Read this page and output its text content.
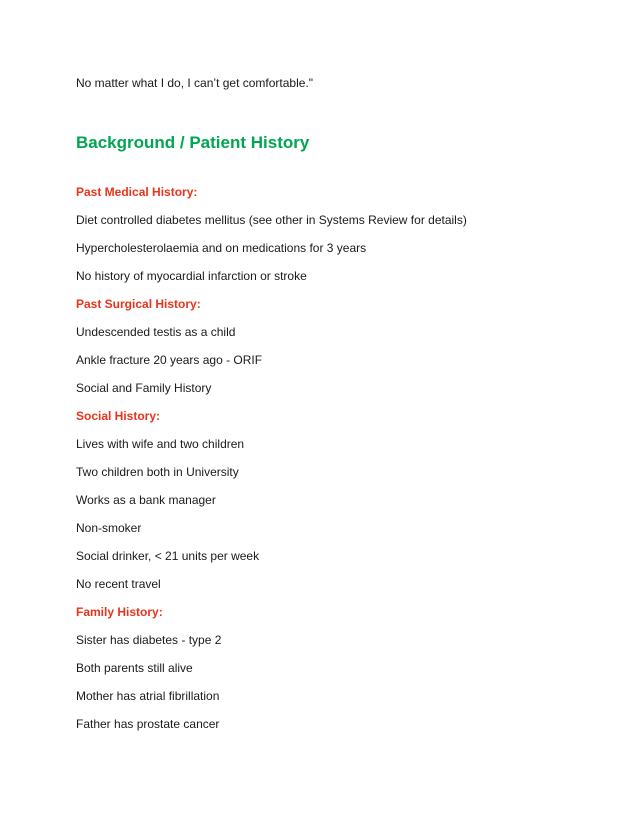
No matter what I do, I can’t get comfortable."
Background / Patient History
Past Medical History:
Diet controlled diabetes mellitus (see other in Systems Review for details)
Hypercholesterolaemia and on medications for 3 years
No history of myocardial infarction or stroke
Past Surgical History:
Undescended testis as a child
Ankle fracture 20 years ago - ORIF
Social and Family History
Social History:
Lives with wife and two children
Two children both in University
Works as a bank manager
Non-smoker
Social drinker, < 21 units per week
No recent travel
Family History:
Sister has diabetes - type 2
Both parents still alive
Mother has atrial fibrillation
Father has prostate cancer
